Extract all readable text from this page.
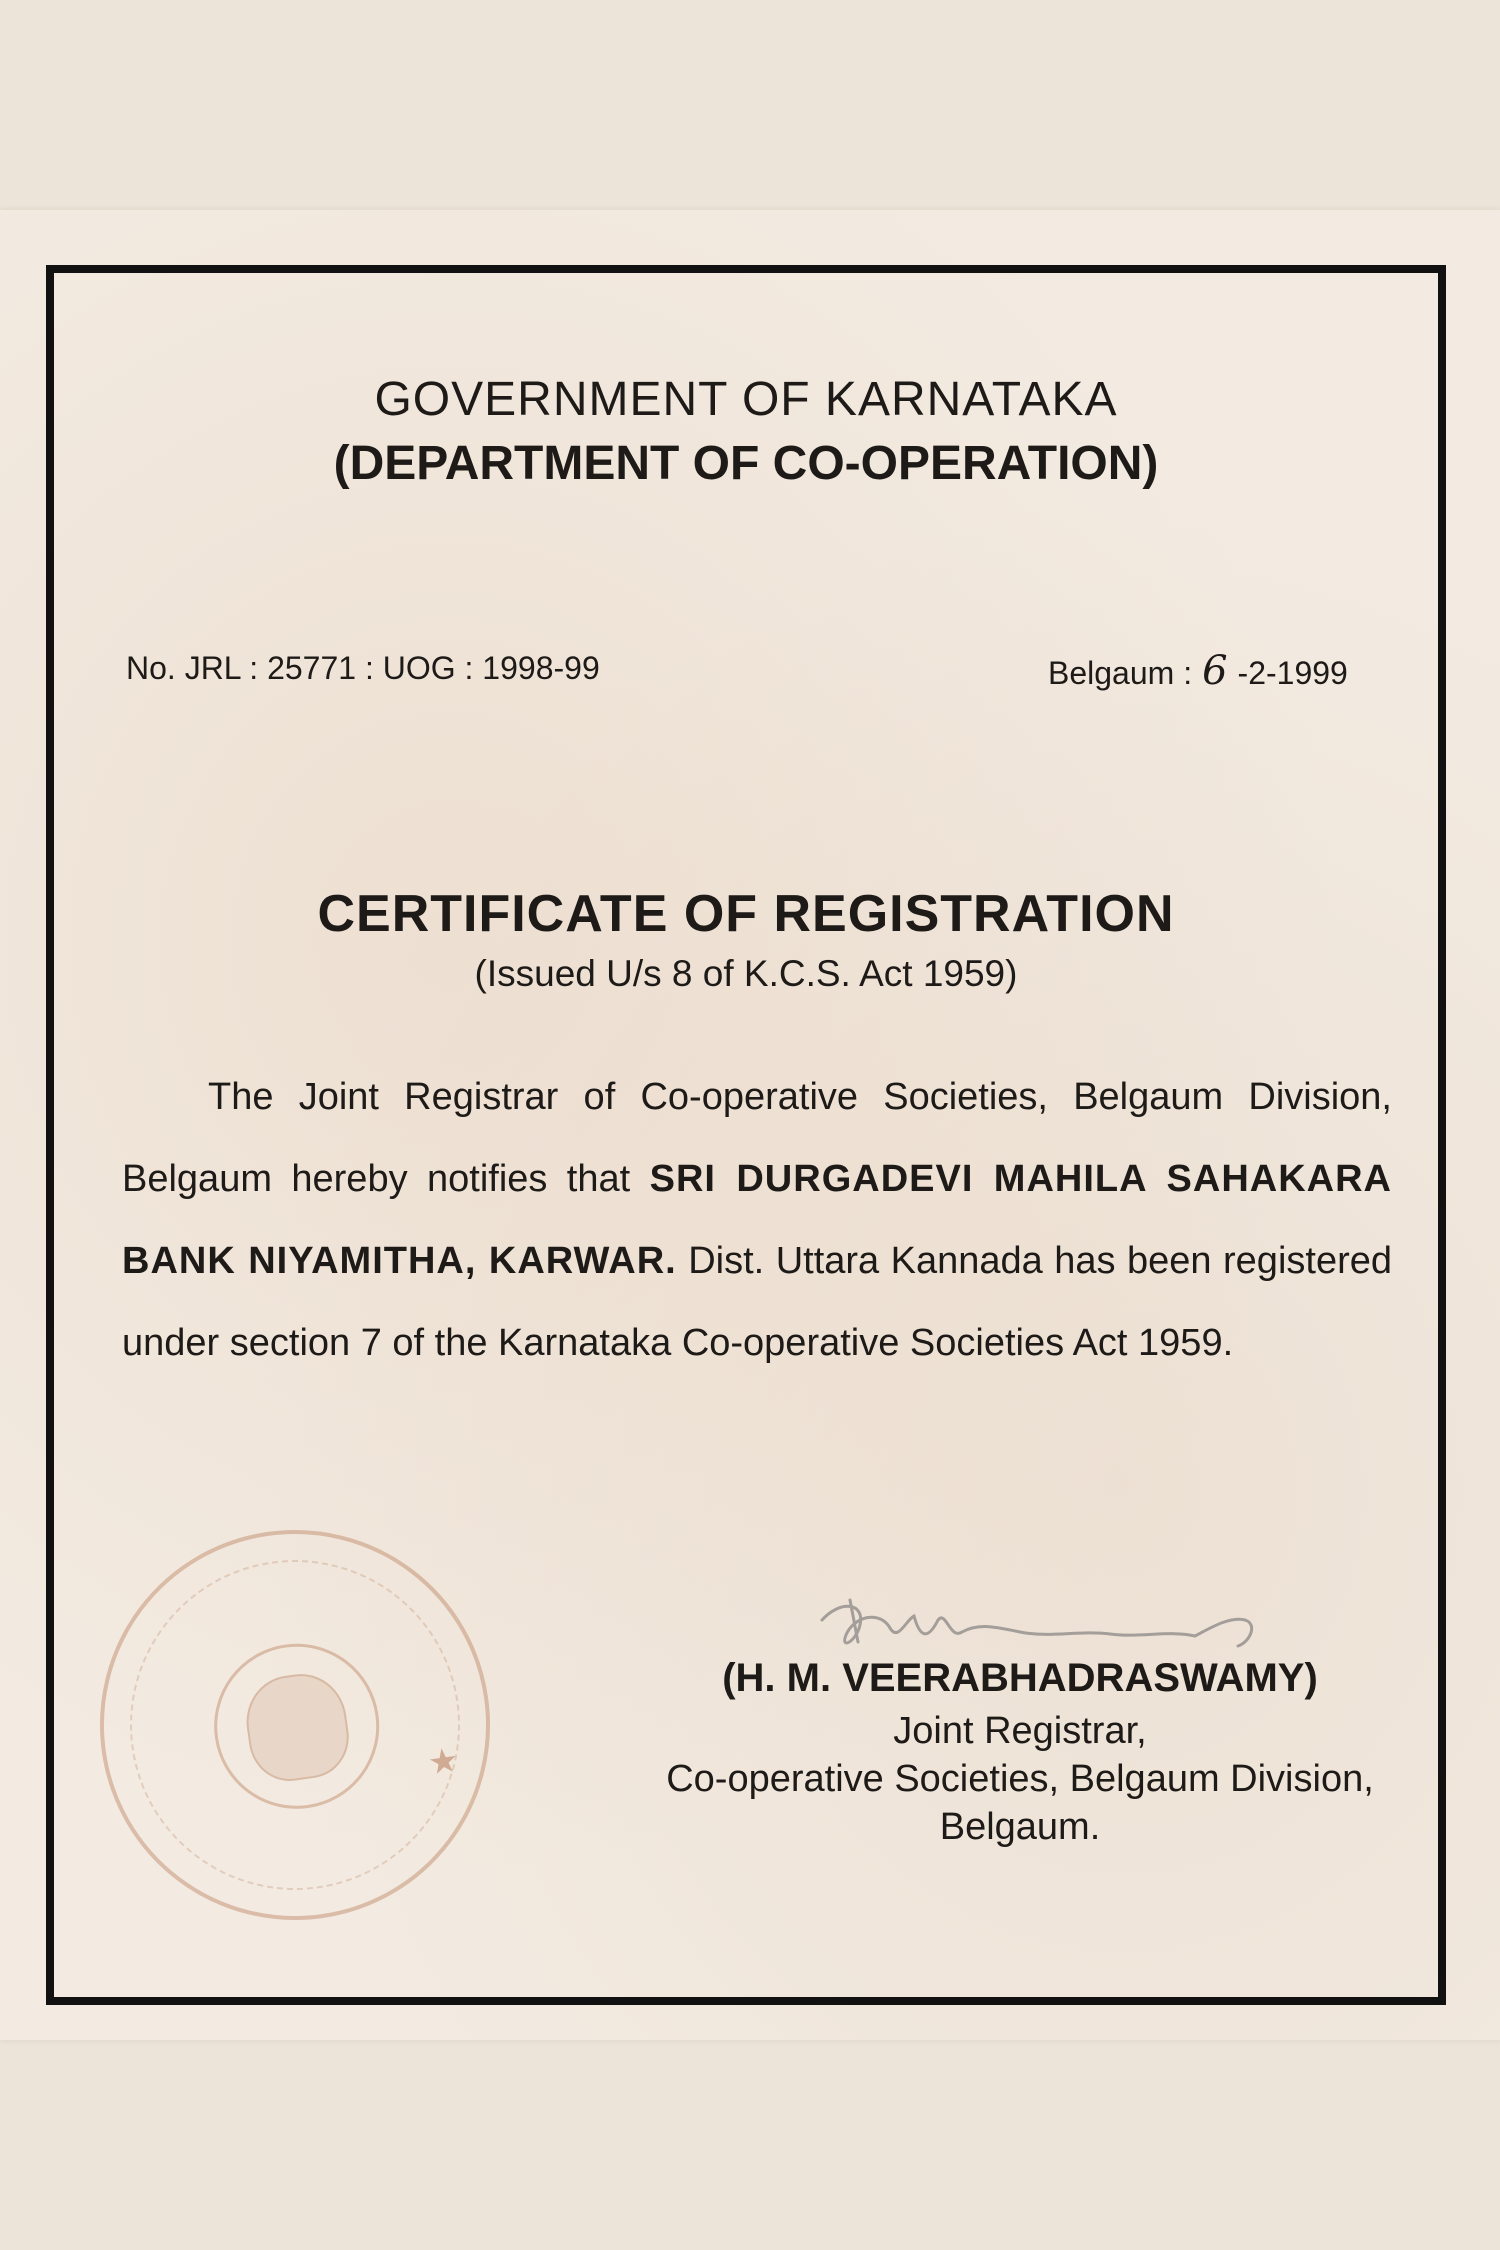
GOVERNMENT OF KARNATAKA
(DEPARTMENT OF CO-OPERATION)
No. JRL : 25771 : UOG : 1998-99	Belgaum : 6 -2-1999
CERTIFICATE OF REGISTRATION
(Issued U/s 8 of K.C.S. Act 1959)
The Joint Registrar of Co-operative Societies, Belgaum Division, Belgaum hereby notifies that SRI DURGADEVI MAHILA SAHAKARA BANK NIYAMITHA, KARWAR. Dist. Uttara Kannada has been registered under section 7 of the Karnataka Co-operative Societies Act 1959.
★
(H. M. VEERABHADRASWAMY)
Joint Registrar,
Co-operative Societies, Belgaum Division,
Belgaum.
